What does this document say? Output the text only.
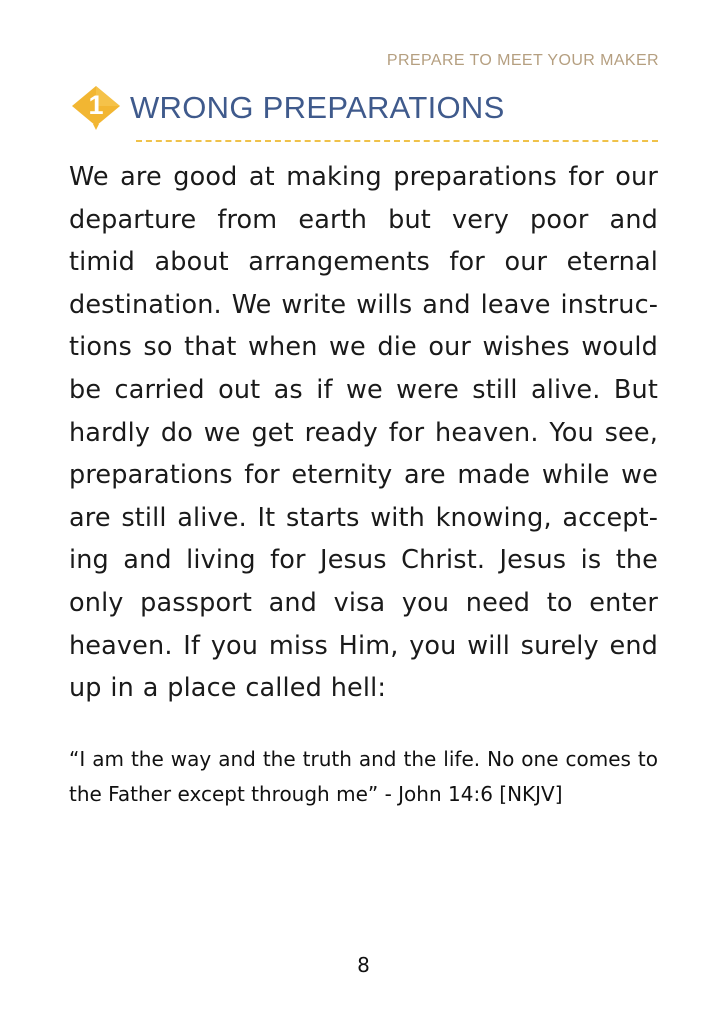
PREPARE TO MEET YOUR MAKER
1 WRONG PREPARATIONS

We are good at making preparations for our departure from earth but very poor and timid about arrangements for our eternal destination. We write wills and leave instructions so that when we die our wishes would be carried out as if we were still alive. But hardly do we get ready for heaven. You see, preparations for eternity are made while we are still alive. It starts with knowing, accepting and living for Jesus Christ. Jesus is the only passport and visa you need to enter heaven. If you miss Him, you will surely end up in a place called hell:

“I am the way and the truth and the life. No one comes to the Father except through me” - John 14:6 [NKJV]

8
